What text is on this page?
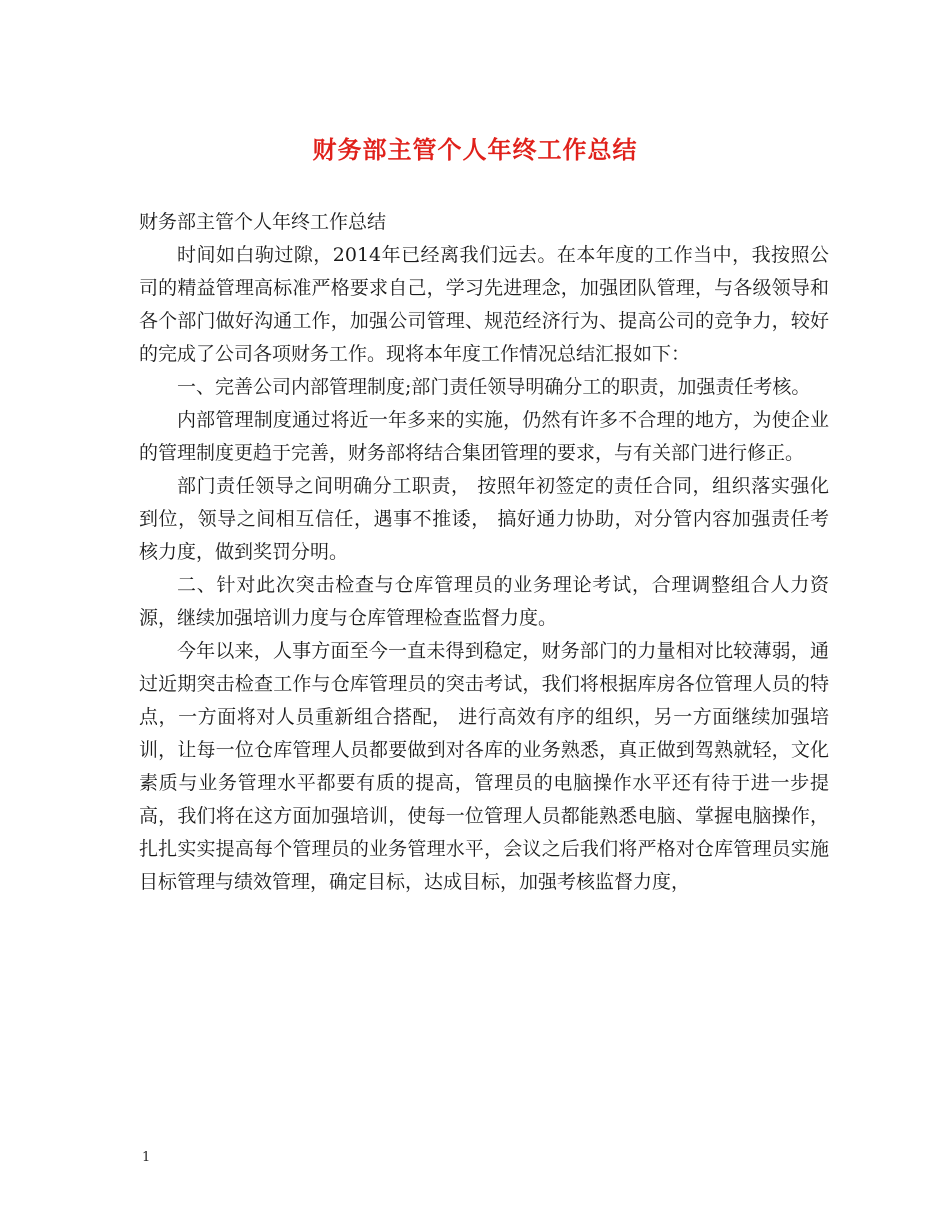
财务部主管个人年终工作总结

财务部主管个人年终工作总结

时间如白驹过隙，2014年已经离我们远去。在本年度的工作当中，我按照公司的精益管理高标准严格要求自己，学习先进理念，加强团队管理，与各级领导和各个部门做好沟通工作，加强公司管理、规范经济行为、提高公司的竞争力，较好的完成了公司各项财务工作。现将本年度工作情况总结汇报如下：

一、完善公司内部管理制度;部门责任领导明确分工的职责，加强责任考核。

内部管理制度通过将近一年多来的实施，仍然有许多不合理的地方，为使企业的管理制度更趋于完善，财务部将结合集团管理的要求，与有关部门进行修正。

部门责任领导之间明确分工职责， 按照年初签定的责任合同，组织落实强化到位，领导之间相互信任，遇事不推诿， 搞好通力协助，对分管内容加强责任考核力度，做到奖罚分明。

二、针对此次突击检查与仓库管理员的业务理论考试，合理调整组合人力资源，继续加强培训力度与仓库管理检查监督力度。

今年以来，人事方面至今一直未得到稳定，财务部门的力量相对比较薄弱，通过近期突击检查工作与仓库管理员的突击考试，我们将根据库房各位管理人员的特点，一方面将对人员重新组合搭配， 进行高效有序的组织，另一方面继续加强培训，让每一位仓库管理人员都要做到对各库的业务熟悉，真正做到驾熟就轻，文化素质与业务管理水平都要有质的提高，管理员的电脑操作水平还有待于进一步提高，我们将在这方面加强培训，使每一位管理人员都能熟悉电脑、掌握电脑操作，扎扎实实提高每个管理员的业务管理水平，会议之后我们将严格对仓库管理员实施目标管理与绩效管理，确定目标，达成目标，加强考核监督力度，

1
